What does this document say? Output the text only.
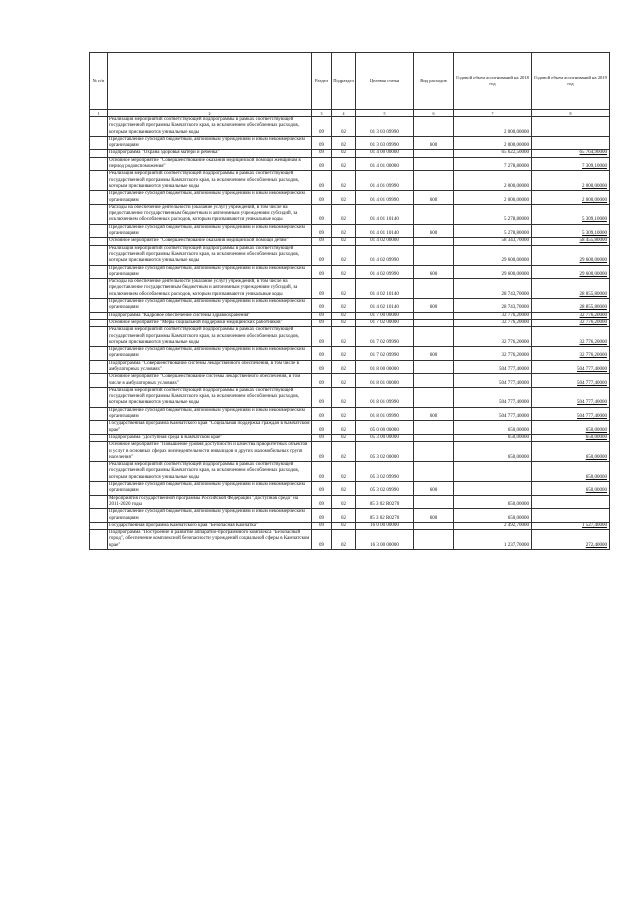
№ п/п		Раздел	Подраздел	Целевая статья	Вид расходов	Годовой объем ассигнований на 2018 год	Годовой объем ассигнований на 2019 год
1	2	3	4	5	6	7	8
	Реализация мероприятий соответствующей подпрограммы в рамках соответствующей государственной программы Камчатского края, за исключением обособленных расходов, которым присваиваются уникальные коды	09	02	01 3 03 09990		2 000,00000	
	Предоставление субсидий бюджетным, автономным учреждениям и иным некоммерческим организациям	09	02	01 3 03 09990	600	2 000,00000	
	Подпрограмма "Охрана здоровья матери и ребенка"	09	02	01 4 00 00000		65 622,50000	65 764,90000
	Основное мероприятие "Совершенствование оказания медицинской помощи женщинам в период родовспоможения"	09	02	01 4 01 00000		7 278,80000	7 309,10000
	Реализация мероприятий соответствующей подпрограммы в рамках соответствующей государственной программы Камчатского края, за исключением обособленных расходов, которым присваиваются уникальные коды	09	02	01 4 01 09990		2 000,00000	2 000,00000
	Предоставление субсидий бюджетным, автономным учреждениям и иным некоммерческим организациям	09	02	01 4 01 09990	600	2 000,00000	2 000,00000
	Расходы на обеспечение деятельности (оказание услуг) учреждений, в том числе на предоставление государственным бюджетным и автономным учреждениям субсидий, за исключением обособленных расходов, которым присваиваются уникальные коды	09	02	01 4 01 10140		5 278,80000	5 309,10000
	Предоставление субсидий бюджетным, автономным учреждениям и иным некоммерческим организациям	09	02	01 4 01 10140	600	5 278,80000	5 309,10000
	Основное мероприятие "Совершенствование оказания медицинской помощи детям"	09	02	01 4 02 00000		58 343,70000	58 455,80000
	Реализация мероприятий соответствующей подпрограммы в рамках соответствующей государственной программы Камчатского края, за исключением обособленных расходов, которым присваиваются уникальные коды	09	02	01 4 02 09990		29 600,00000	29 600,00000
	Предоставление субсидий бюджетным, автономным учреждениям и иным некоммерческим организациям	09	02	01 4 02 09990	600	29 600,00000	29 600,00000
	Расходы на обеспечение деятельности (оказание услуг) учреждений, в том числе на предоставление государственным бюджетным и автономным учреждениям субсидий, за исключением обособленных расходов, которым присваиваются уникальные коды	09	02	01 4 02 10140		28 743,70000	28 855,80000
	Предоставление субсидий бюджетным, автономным учреждениям и иным некоммерческим организациям	09	02	01 4 02 10140	600	28 743,70000	28 855,80000
	Подпрограмма "Кадровое обеспечение системы здравоохранения"	09	02	01 7 00 00000		32 776,20000	32 776,20000
	Основное мероприятие "Меры социальной поддержки медицинских работников"	09	02	01 7 02 00000		32 776,20000	32 776,20000
	Реализация мероприятий соответствующей подпрограммы в рамках соответствующей государственной программы Камчатского края, за исключением обособленных расходов, которым присваиваются уникальные коды	09	02	01 7 02 09990		32 776,20000	32 776,20000
	Предоставление субсидий бюджетным, автономным учреждениям и иным некоммерческим организациям	09	02	01 7 02 09990	600	32 776,20000	32 776,20000
	Подпрограмма "Совершенствование системы лекарственного обеспечения, в том числе в амбулаторных условиях"	09	02	01 8 00 00000		504 777,40000	504 777,40000
	Основное мероприятие "Совершенствование системы лекарственного обеспечения, в том числе в амбулаторных условиях"	09	02	01 8 01 00000		504 777,40000	504 777,40000
	Реализация мероприятий соответствующей подпрограммы в рамках соответствующей государственной программы Камчатского края, за исключением обособленных расходов, которым присваиваются уникальные коды	09	02	01 8 01 09990		504 777,40000	504 777,40000
	Предоставление субсидий бюджетным, автономным учреждениям и иным некоммерческим организациям	09	02	01 8 01 09990	600	504 777,40000	504 777,40000
	Государственная программа Камчатского края "Социальная поддержка граждан в Камчатском крае"	09	02	05 0 00 00000		650,00000	650,00000
	Подпрограмма "Доступная среда в Камчатском крае"	09	02	05 3 00 00000		650,00000	650,00000
	Основное мероприятие "Повышение уровня доступности и качества приоритетных объектов и услуг в основных сферах жизнедеятельности инвалидов и других маломобильных групп населения"	09	02	05 3 02 00000		650,00000	650,00000
	Реализация мероприятий соответствующей подпрограммы в рамках соответствующей государственной программы Камчатского края, за исключением обособленных расходов, которым присваиваются уникальные коды	09	02	05 3 02 09990			650,00000
	Предоставление субсидий бюджетным, автономным учреждениям и иным некоммерческим организациям	09	02	05 3 02 09990	600		650,00000
	Мероприятия государственной программы Российской Федерации "Доступная среда" на 2011-2020 годы	09	02	05 3 02 R0270		650,00000	
	Предоставление субсидий бюджетным, автономным учреждениям и иным некоммерческим организациям	09	02	05 3 02 R0270	600	650,00000	
	Государственная программа Камчатского края "Безопасная Камчатка"	09	02	16 0 00 00000		2 492,70000	1 527,40000
	Подпрограмма "Построение и развитие аппаратно-программного комплекса "Безопасный город", обеспечение комплексной безопасности учреждений социальной сферы в Камчатском крае"	09	02	16 3 00 00000		1 237,70000	272,40000
